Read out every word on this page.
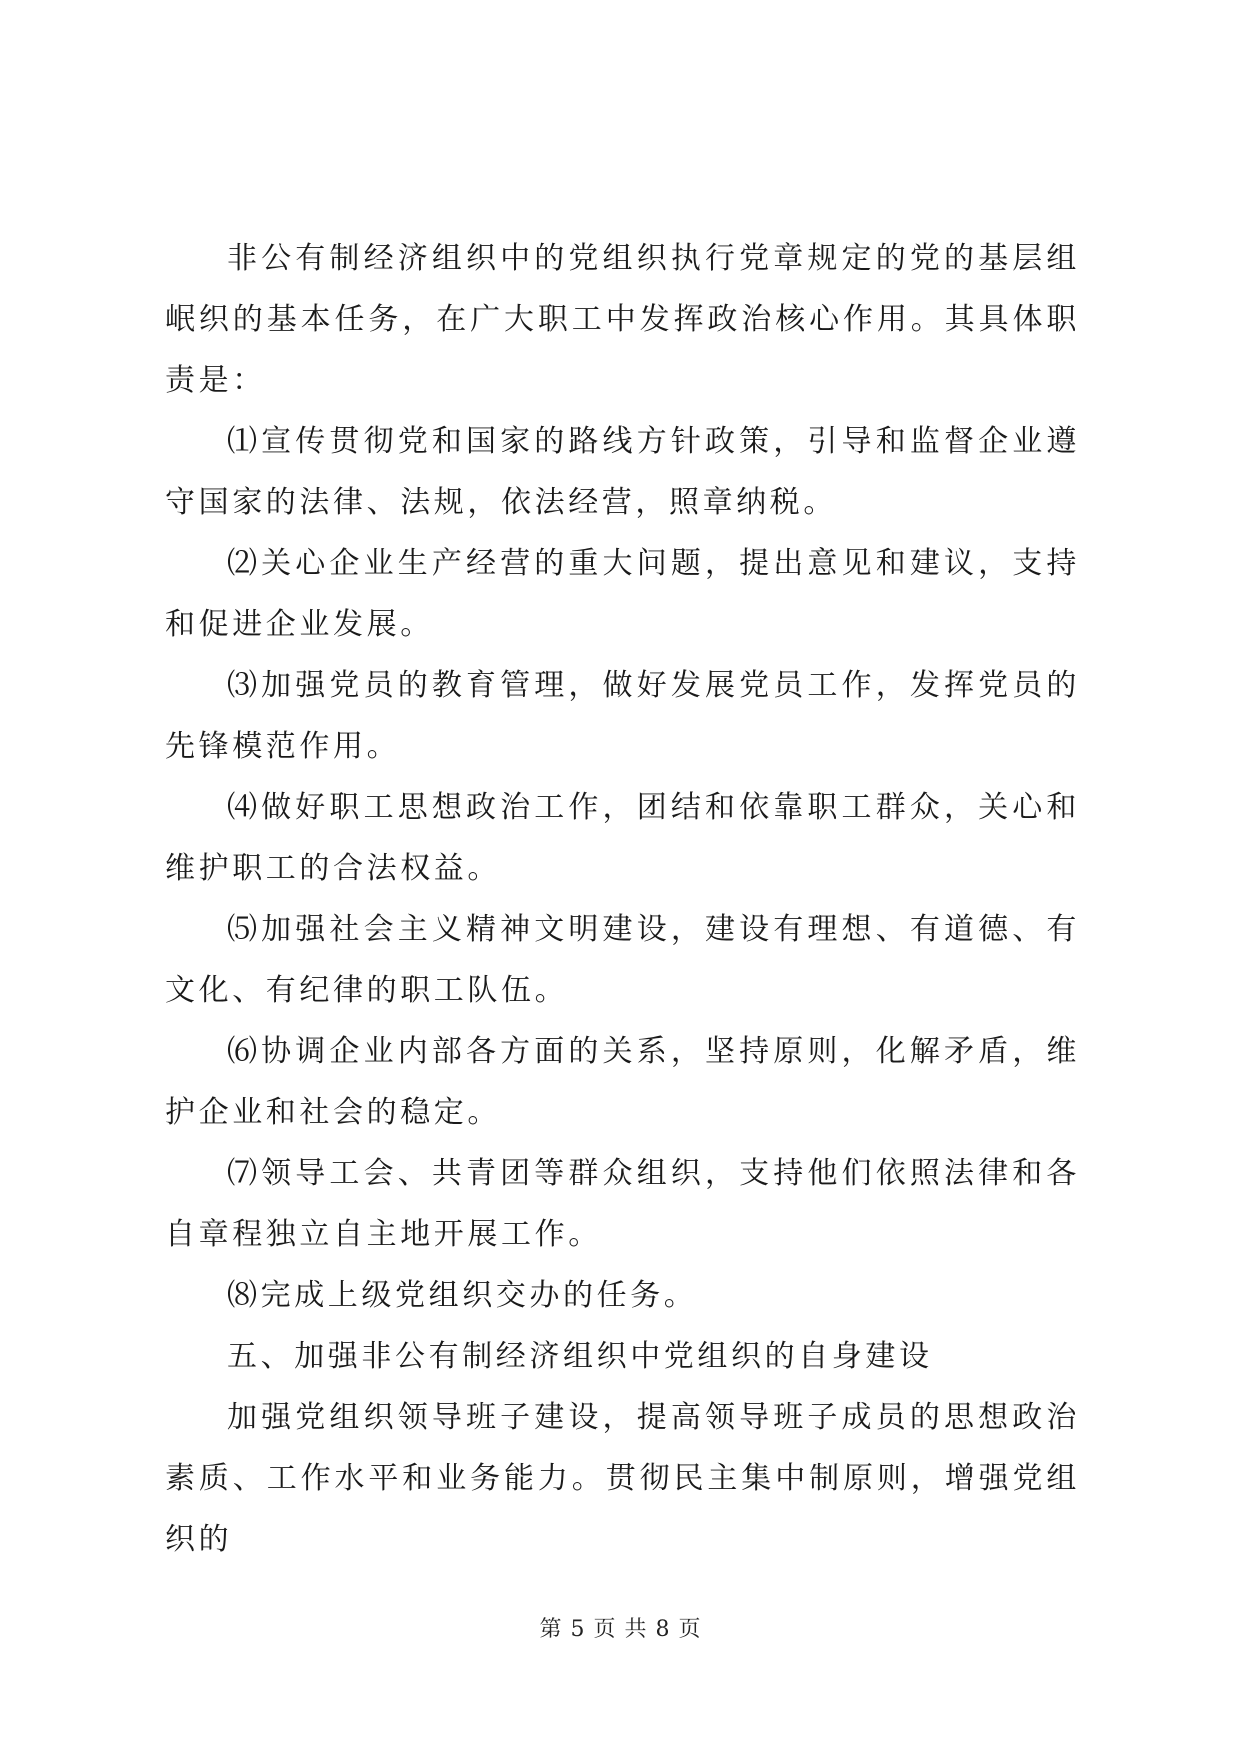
非公有制经济组织中的党组织执行党章规定的党的基层组岷织的基本任务，在广大职工中发挥政治核心作用。其具体职责是：

⑴宣传贯彻党和国家的路线方针政策，引导和监督企业遵守国家的法律、法规，依法经营，照章纳税。

⑵关心企业生产经营的重大问题，提出意见和建议，支持和促进企业发展。

⑶加强党员的教育管理，做好发展党员工作，发挥党员的先锋模范作用。

⑷做好职工思想政治工作，团结和依靠职工群众，关心和维护职工的合法权益。

⑸加强社会主义精神文明建设，建设有理想、有道德、有文化、有纪律的职工队伍。

⑹协调企业内部各方面的关系，坚持原则，化解矛盾，维护企业和社会的稳定。

⑺领导工会、共青团等群众组织，支持他们依照法律和各自章程独立自主地开展工作。

⑻完成上级党组织交办的任务。

五、加强非公有制经济组织中党组织的自身建设

加强党组织领导班子建设，提高领导班子成员的思想政治素质、工作水平和业务能力。贯彻民主集中制原则，增强党组织的

第 5 页 共 8 页
